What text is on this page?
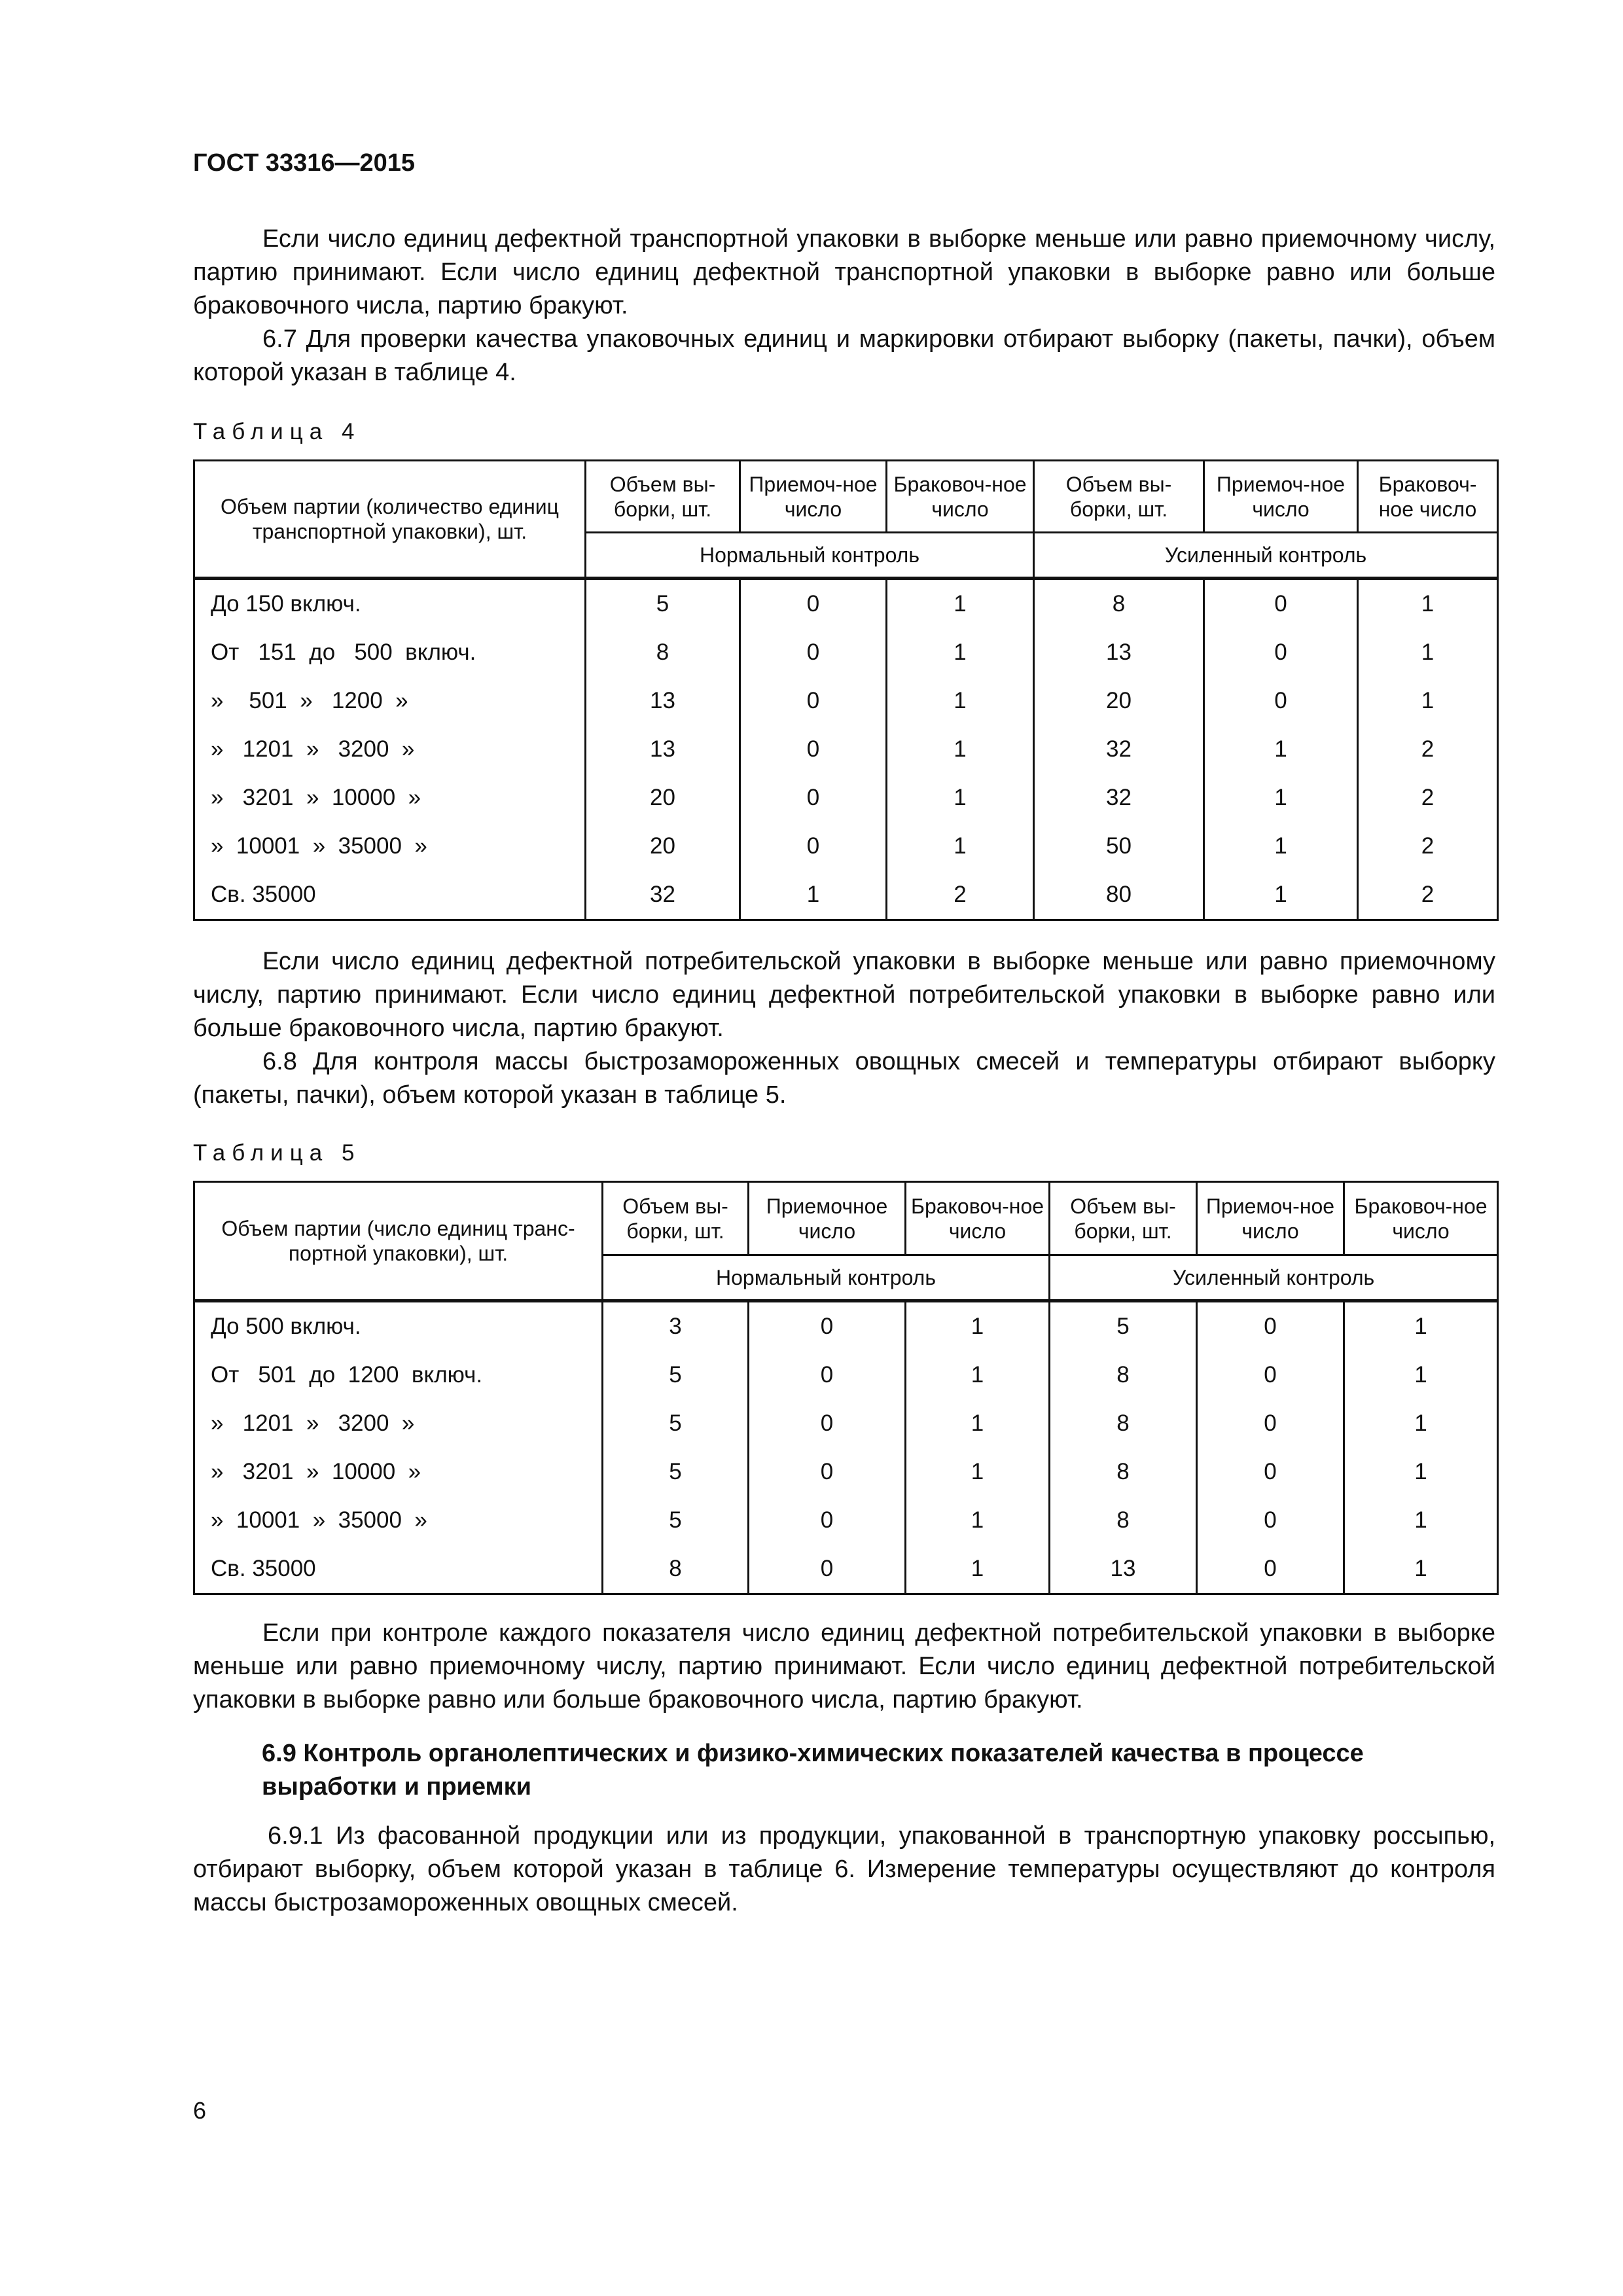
ГОСТ 33316—2015

Если число единиц дефектной транспортной упаковки в выборке меньше или равно приемочному числу, партию принимают. Если число единиц дефектной транспортной упаковки в выборке равно или больше браковочного числа, партию бракуют.

6.7 Для проверки качества упаковочных единиц и маркировки отбирают выборку (пакеты, пачки), объем которой указан в таблице 4.

Таблица 4
Объем партии (количество единиц транспортной упаковки), шт.	Объем вы-борки, шт.	Приемоч-ное число	Браковоч-ное число	Объем вы-борки, шт.	Приемоч-ное число	Браковоч-ное число
	Нормальный контроль			Усиленный контроль		
До 150 включ.	5	0	1	8	0	1
От   151  до   500  включ.	8	0	1	13	0	1
»    501  »   1200  »	13	0	1	20	0	1
»   1201  »   3200  »	13	0	1	32	1	2
»   3201  »  10000  »	20	0	1	32	1	2
»  10001  »  35000  »	20	0	1	50	1	2
Св. 35000	32	1	2	80	1	2

Если число единиц дефектной потребительской упаковки в выборке меньше или равно приемочному числу, партию принимают. Если число единиц дефектной потребительской упаковки в выборке равно или больше браковочного числа, партию бракуют.

6.8 Для контроля массы быстрозамороженных овощных смесей и температуры отбирают выборку (пакеты, пачки), объем которой указан в таблице 5.

Таблица 5
Объем партии (число единиц транс-портной упаковки), шт.	Объем вы-борки, шт.	Приемочное число	Браковоч-ное число	Объем вы-борки, шт.	Приемоч-ное число	Браковоч-ное число
	Нормальный контроль			Усиленный контроль		
До 500 включ.	3	0	1	5	0	1
От   501  до  1200  включ.	5	0	1	8	0	1
»   1201  »   3200  »	5	0	1	8	0	1
»   3201  »  10000  »	5	0	1	8	0	1
»  10001  »  35000  »	5	0	1	8	0	1
Св. 35000	8	0	1	13	0	1

Если при контроле каждого показателя число единиц дефектной потребительской упаковки в выборке меньше или равно приемочному числу, партию принимают. Если число единиц дефектной потребительской упаковки в выборке равно или больше браковочного числа, партию бракуют.

6.9 Контроль органолептических и физико-химических показателей качества в процессе выработки и приемки

6.9.1 Из фасованной продукции или из продукции, упакованной в транспортную упаковку россыпью, отбирают выборку, объем которой указан в таблице 6. Измерение температуры осуществляют до контроля массы быстрозамороженных овощных смесей.

6
